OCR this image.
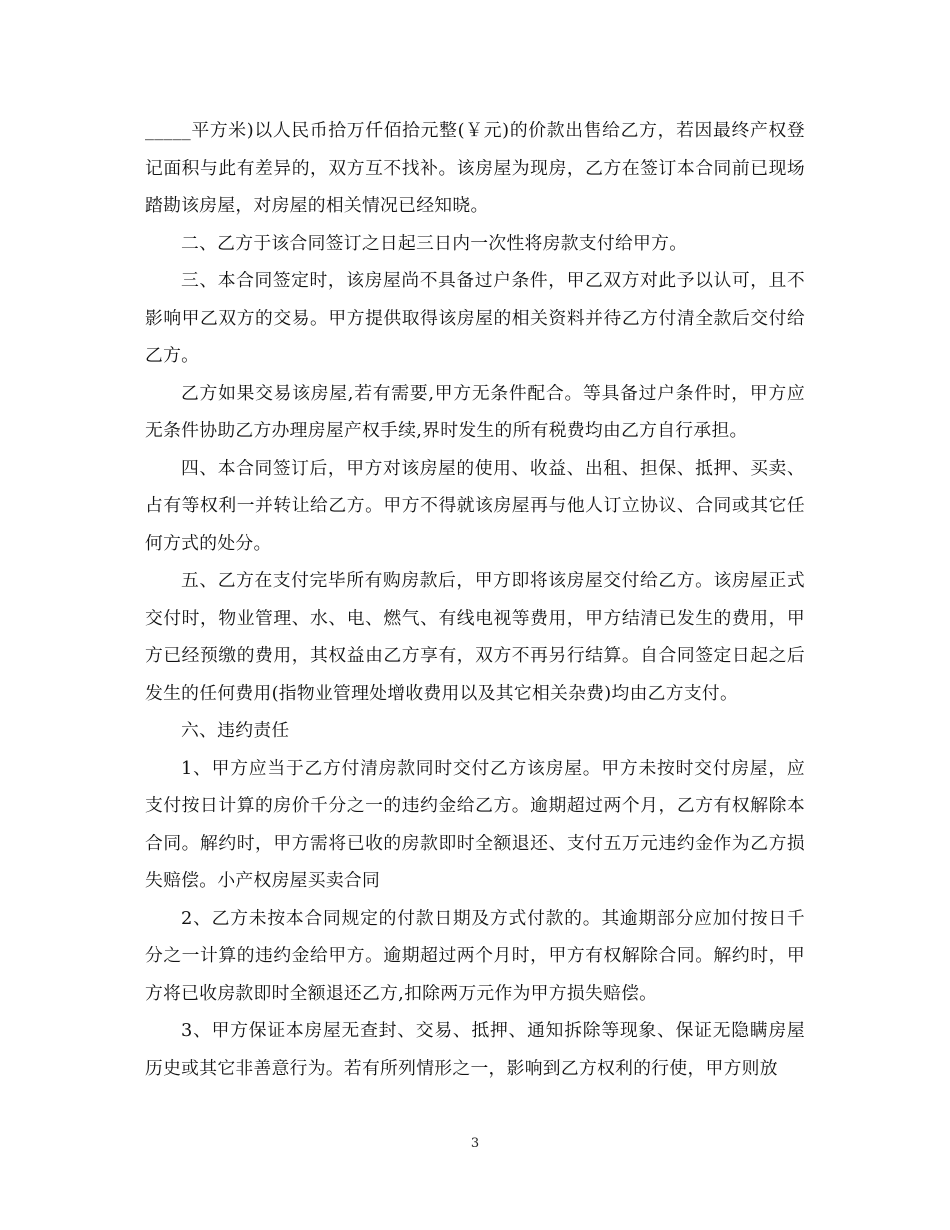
_____平方米)以人民币拾万仟佰拾元整(￥元)的价款出售给乙方，若因最终产权登记面积与此有差异的，双方互不找补。该房屋为现房，乙方在签订本合同前已现场踏勘该房屋，对房屋的相关情况已经知晓。

二、乙方于该合同签订之日起三日内一次性将房款支付给甲方。

三、本合同签定时，该房屋尚不具备过户条件，甲乙双方对此予以认可，且不影响甲乙双方的交易。甲方提供取得该房屋的相关资料并待乙方付清全款后交付给乙方。

乙方如果交易该房屋,若有需要,甲方无条件配合。等具备过户条件时，甲方应无条件协助乙方办理房屋产权手续,界时发生的所有税费均由乙方自行承担。

四、本合同签订后，甲方对该房屋的使用、收益、出租、担保、抵押、买卖、占有等权利一并转让给乙方。甲方不得就该房屋再与他人订立协议、合同或其它任何方式的处分。

五、乙方在支付完毕所有购房款后，甲方即将该房屋交付给乙方。该房屋正式交付时，物业管理、水、电、燃气、有线电视等费用，甲方结清已发生的费用，甲方已经预缴的费用，其权益由乙方享有，双方不再另行结算。自合同签定日起之后发生的任何费用(指物业管理处增收费用以及其它相关杂费)均由乙方支付。

六、违约责任

1、甲方应当于乙方付清房款同时交付乙方该房屋。甲方未按时交付房屋，应支付按日计算的房价千分之一的违约金给乙方。逾期超过两个月，乙方有权解除本合同。解约时，甲方需将已收的房款即时全额退还、支付五万元违约金作为乙方损失赔偿。小产权房屋买卖合同

2、乙方未按本合同规定的付款日期及方式付款的。其逾期部分应加付按日千分之一计算的违约金给甲方。逾期超过两个月时，甲方有权解除合同。解约时，甲方将已收房款即时全额退还乙方,扣除两万元作为甲方损失赔偿。

3、甲方保证本房屋无查封、交易、抵押、通知拆除等现象、保证无隐瞒房屋历史或其它非善意行为。若有所列情形之一，影响到乙方权利的行使，甲方则放

3
